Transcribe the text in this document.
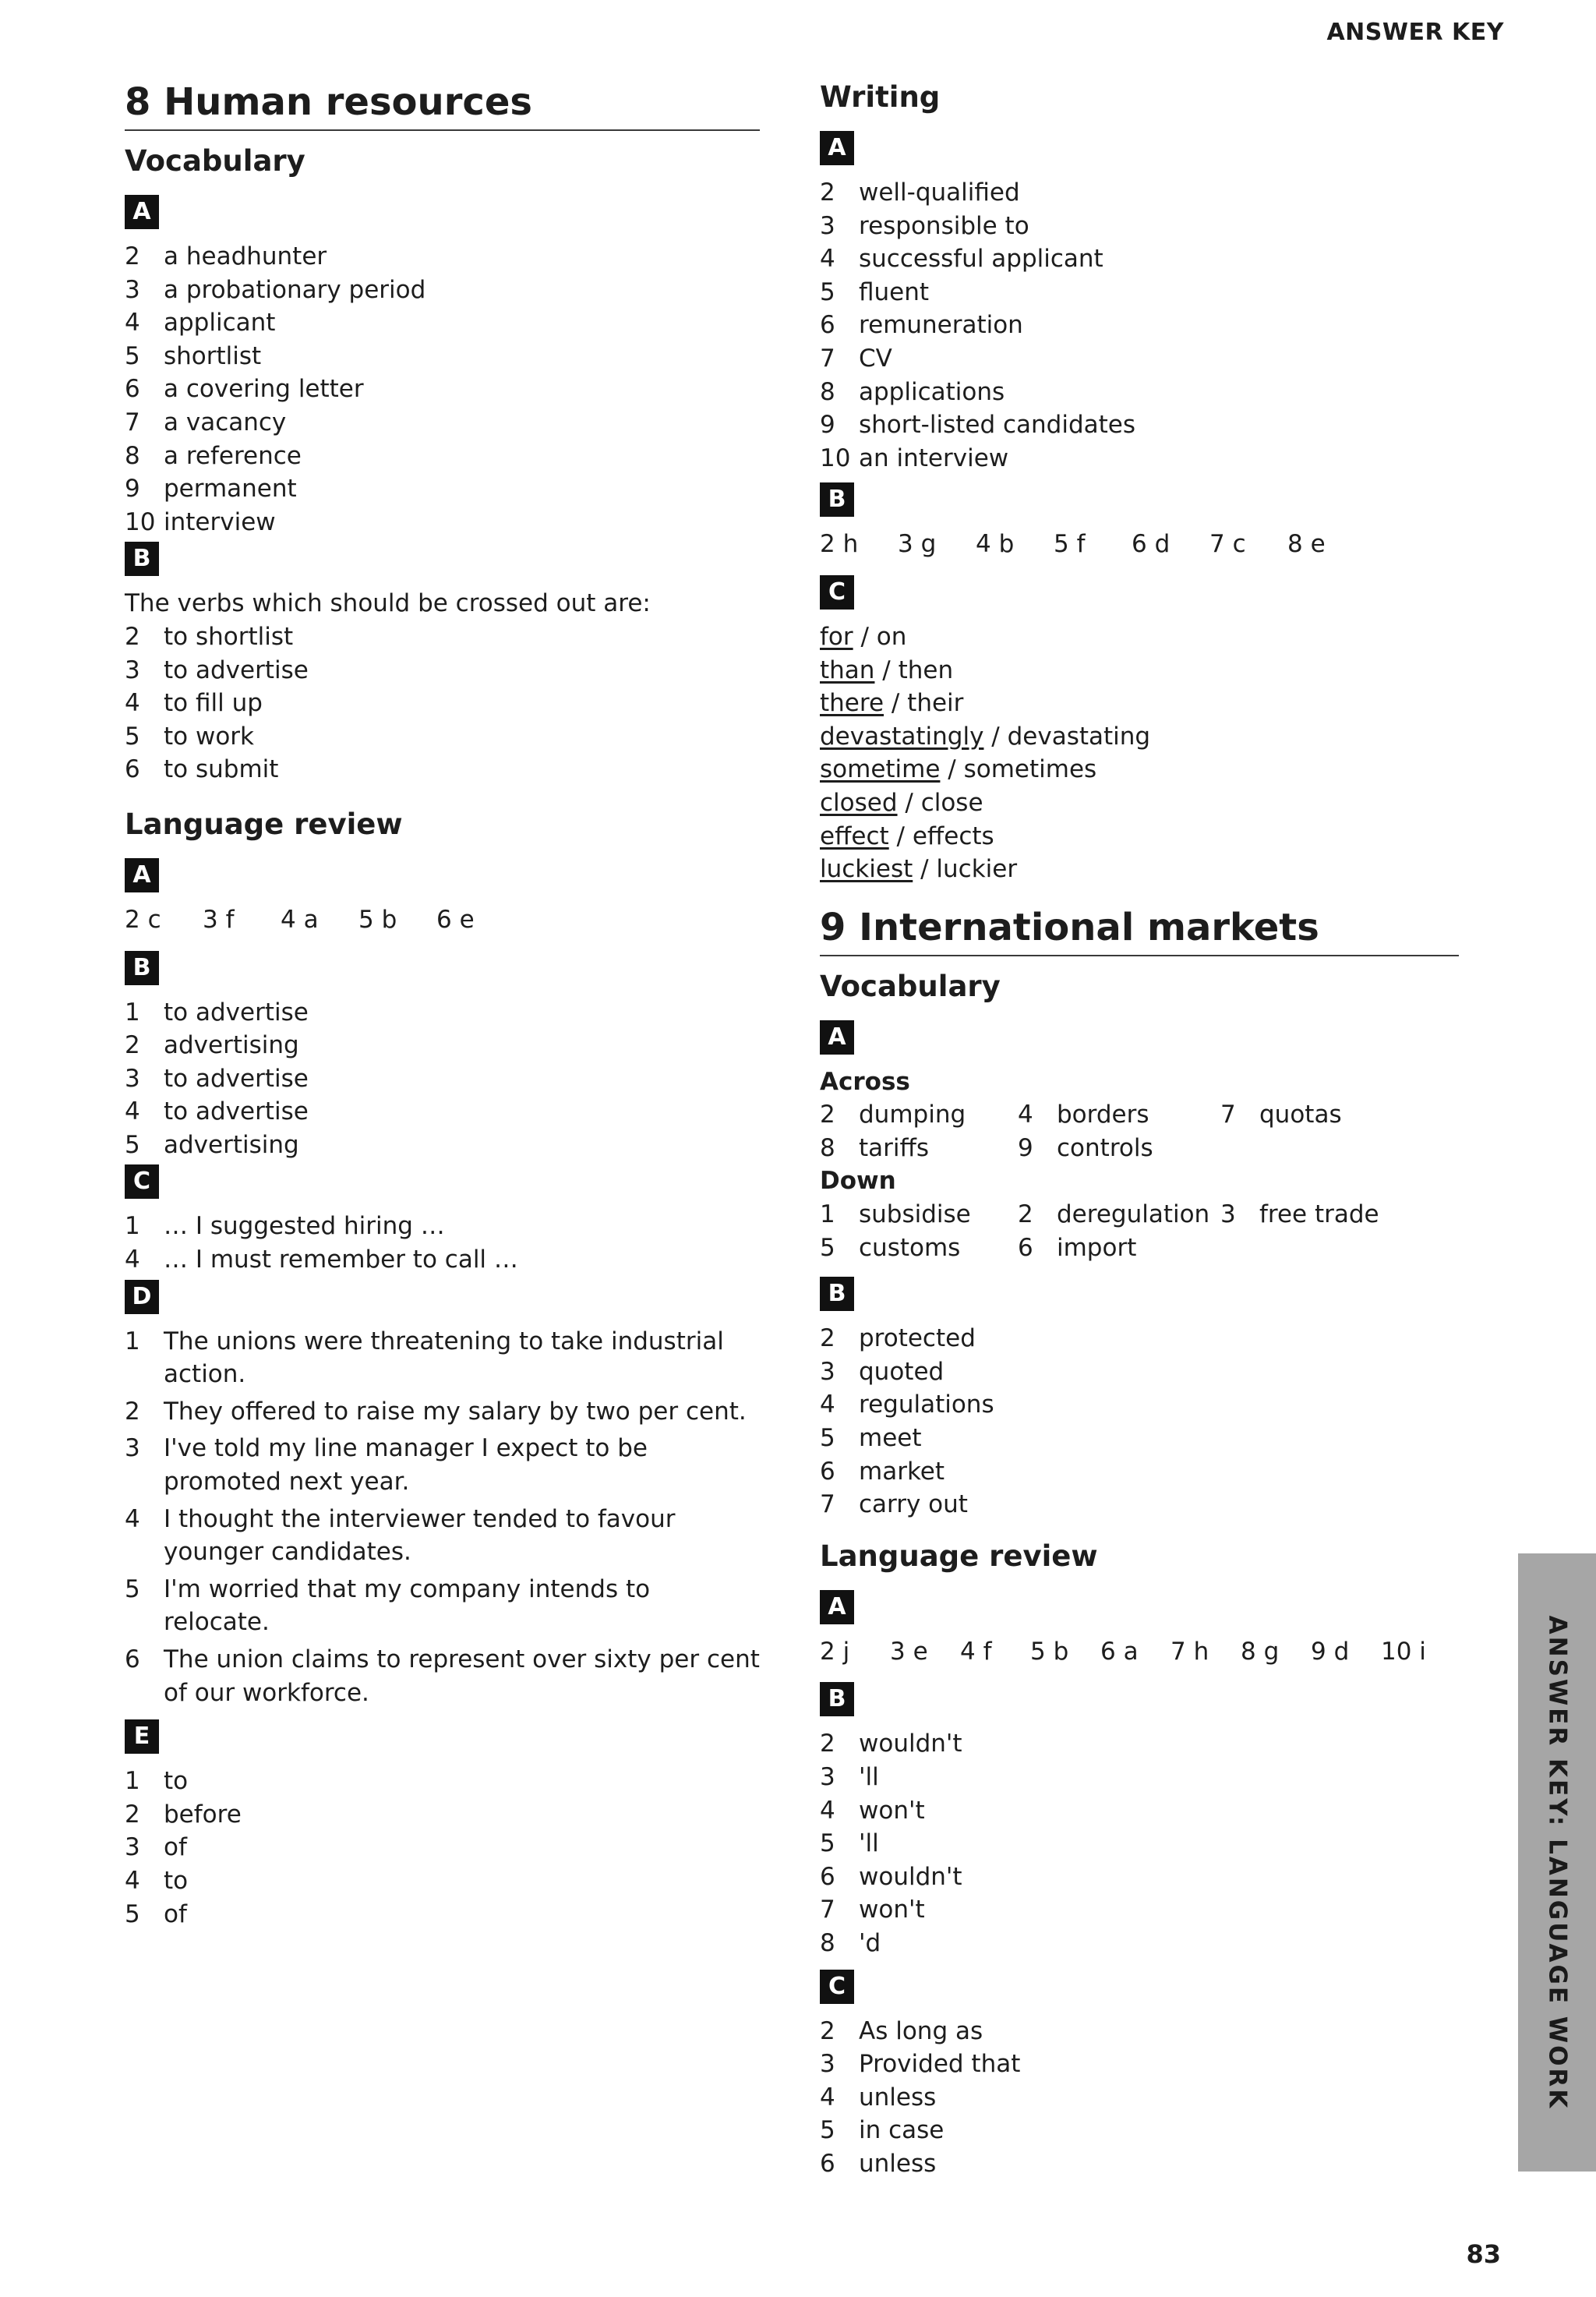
ANSWER KEY
8 Human resources
Vocabulary
A
2 a headhunter
3 a probationary period
4 applicant
5 shortlist
6 a covering letter
7 a vacancy
8 a reference
9 permanent
10 interview
B
The verbs which should be crossed out are:
2 to shortlist
3 to advertise
4 to fill up
5 to work
6 to submit
Language review
A
2 c	3 f	4 a	5 b	6 e
B
1 to advertise
2 advertising
3 to advertise
4 to advertise
5 advertising
C
1 … I suggested hiring …
4 … I must remember to call …
D
1 The unions were threatening to take industrial action.
2 They offered to raise my salary by two per cent.
3 I've told my line manager I expect to be promoted next year.
4 I thought the interviewer tended to favour younger candidates.
5 I'm worried that my company intends to relocate.
6 The union claims to represent over sixty per cent of our workforce.
E
1 to
2 before
3 of
4 to
5 of
Writing
A
2 well-qualified
3 responsible to
4 successful applicant
5 fluent
6 remuneration
7 CV
8 applications
9 short-listed candidates
10 an interview
B
2 h	3 g	4 b	5 f	6 d	7 c	8 e
C
for / on
than / then
there / their
devastatingly / devastating
sometime / sometimes
closed / close
effect / effects
luckiest / luckier
9 International markets
Vocabulary
A
Across
2 dumping	4 borders	7 quotas
8 tariffs	9 controls
Down
1 subsidise	2 deregulation 3 free trade
5 customs	6 import
B
2 protected
3 quoted
4 regulations
5 meet
6 market
7 carry out
Language review
A
2 j	3 e	4 f	5 b	6 a	7 h	8 g	9 d	10 i
B
2 wouldn't
3 'll
4 won't
5 'll
6 wouldn't
7 won't
8 'd
C
2 As long as
3 Provided that
4 unless
5 in case
6 unless
ANSWER KEY: LANGUAGE WORK
83
